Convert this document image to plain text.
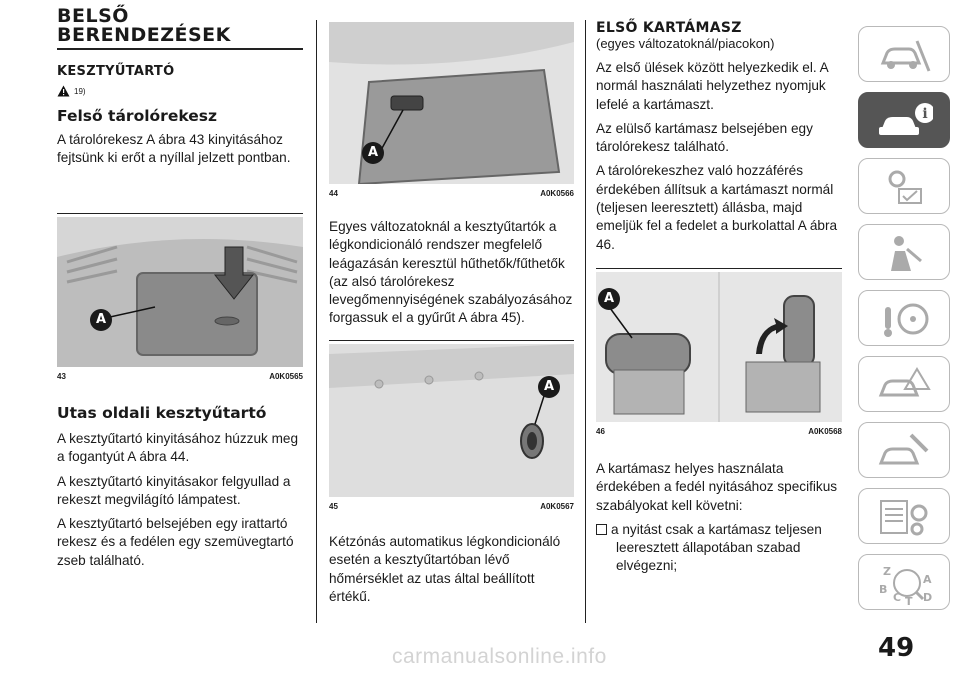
BELSŐ
BERENDEZÉSEK
KESZTYŰTARTÓ
19)
Felső tárolórekesz

A tárolórekesz A ábra 43 kinyitásához fejtsünk ki erőt a nyíllal jelzett pontban.

A
43	A0K0565
Utas oldali kesztyűtartó

A kesztyűtartó kinyitásához húzzuk meg a fogantyút A ábra 44.

A kesztyűtartó kinyitásakor felgyullad a rekeszt megvilágító lámpatest.

A kesztyűtartó belsejében egy irattartó rekesz és a fedélen egy szemüvegtartó zseb található.

A
44	A0K0566

Egyes változatoknál a kesztyűtartók a légkondicionáló rendszer megfelelő leágazásán keresztül hűthetők/fűthetők (az alsó tárolórekesz levegőmennyiségének szabályozásához forgassuk el a gyűrűt A ábra 45).

A
45	A0K0567

Kétzónás automatikus légkondicionáló esetén a kesztyűtartóban lévő hőmérséklet az utas által beállított értékű.

ELSŐ KARTÁMASZ
(egyes változatoknál/piacokon)

Az első ülések között helyezkedik el. A normál használati helyzethez nyomjuk lefelé a kartámaszt.

Az elülső kartámasz belsejében egy tárolórekesz található.

A tárolórekeszhez való hozzáférés érdekében állítsuk a kartámaszt normál (teljesen leeresztett) állásba, majd emeljük fel a fedelet a burkolattal A ábra 46.

A
46	A0K0568

A kartámasz helyes használata érdekében a fedél nyitásához specifikus szabályokat kell követni:

a nyitást csak a kartámasz teljesen leeresztett állapotában szabad elvégezni;

i
Z
A
B
C T D
49
carmanualsonline.info
